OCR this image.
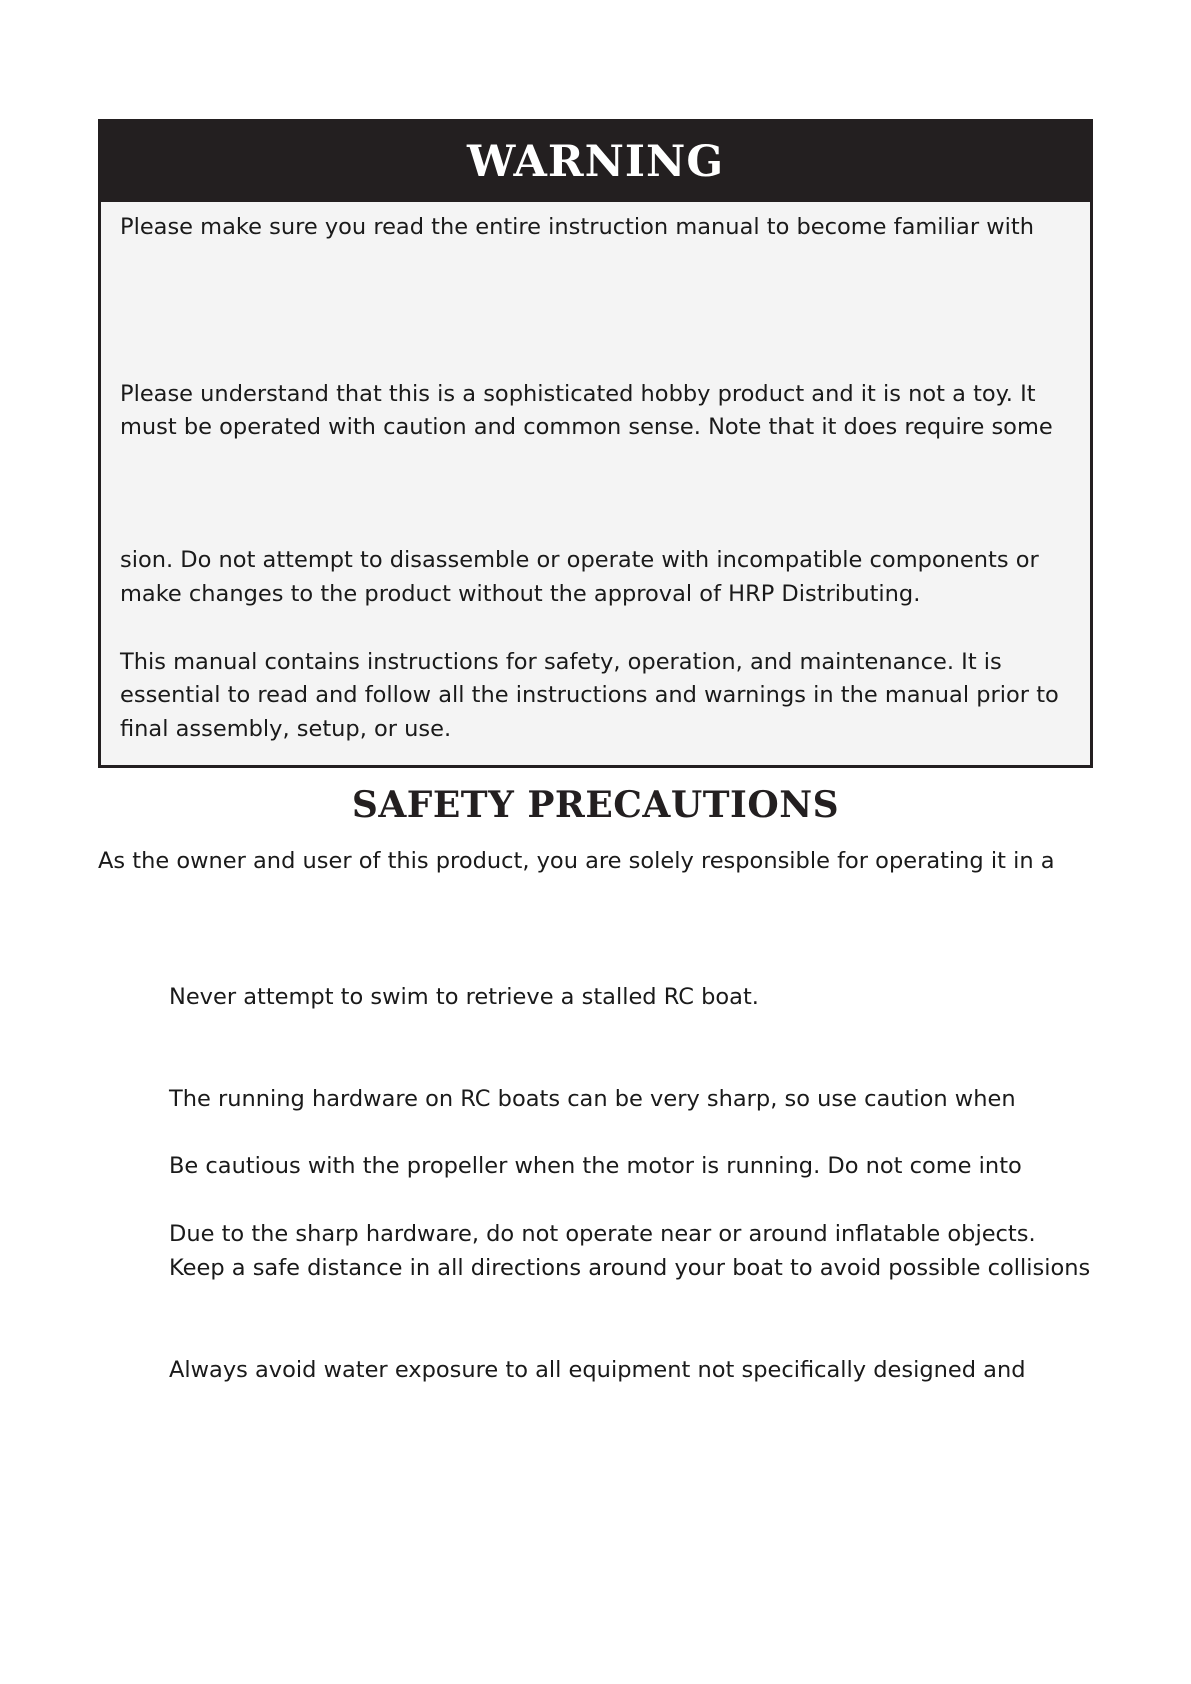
WARNING
Please make sure you read the entire instruction manual to become familiar with
Please understand that this is a sophisticated hobby product and it is not a toy. It
must be operated with caution and common sense. Note that it does require some
sion. Do not attempt to disassemble or operate with incompatible components or
make changes to the product without the approval of HRP Distributing.
This manual contains instructions for safety, operation, and maintenance. It is
essential to read and follow all the instructions and warnings in the manual prior to
final assembly, setup, or use.
SAFETY PRECAUTIONS
As the owner and user of this product, you are solely responsible for operating it in a
Never attempt to swim to retrieve a stalled RC boat.
The running hardware on RC boats can be very sharp, so use caution when
Be cautious with the propeller when the motor is running. Do not come into
Due to the sharp hardware, do not operate near or around inflatable objects.
Keep a safe distance in all directions around your boat to avoid possible collisions
Always avoid water exposure to all equipment not specifically designed and
